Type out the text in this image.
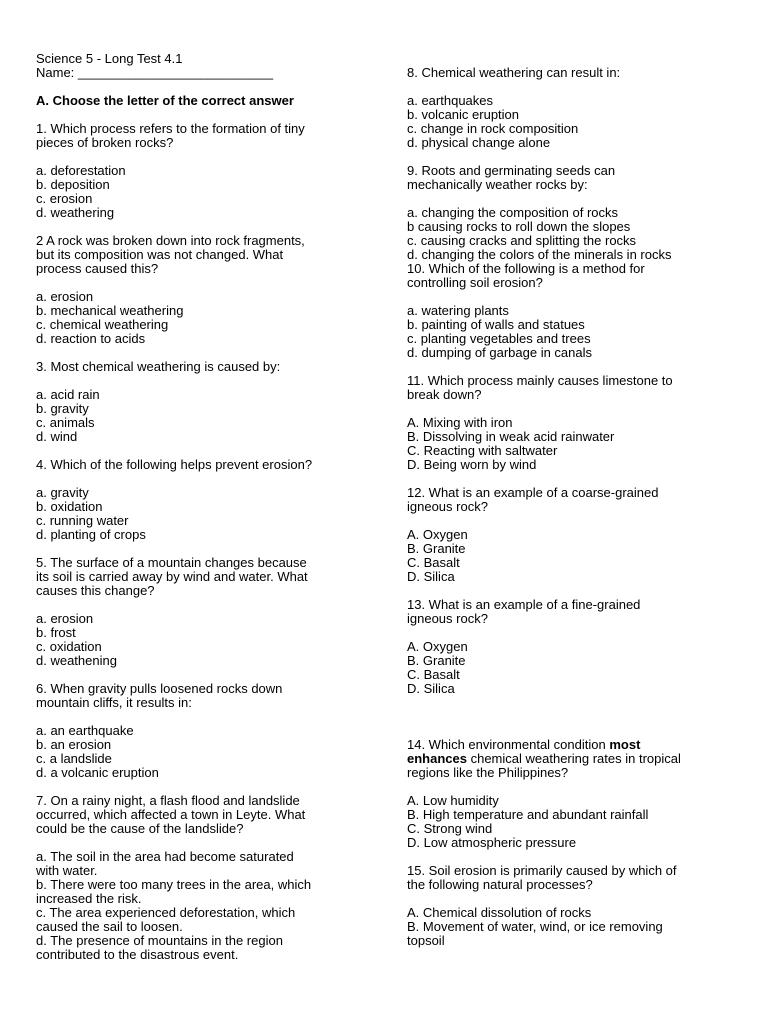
Science 5 - Long Test 4.1
Name: ___________________________
A. Choose the letter of the correct answer
1. Which process refers to the formation of tiny
pieces of broken rocks?
a. deforestation
b. deposition
c. erosion
d. weathering
2 A rock was broken down into rock fragments,
but its composition was not changed. What
process caused this?
a. erosion
b. mechanical weathering
c. chemical weathering
d. reaction to acids
3. Most chemical weathering is caused by:
a. acid rain
b. gravity
c. animals
d. wind
4. Which of the following helps prevent erosion?
a. gravity
b. oxidation
c. running water
d. planting of crops
5. The surface of a mountain changes because
its soil is carried away by wind and water. What
causes this change?
a. erosion
b. frost
c. oxidation
d. weathening
6. When gravity pulls loosened rocks down
mountain cliffs, it results in:
a. an earthquake
b. an erosion
c. a landslide
d. a volcanic eruption
7. On a rainy night, a flash flood and landslide
occurred, which affected a town in Leyte. What
could be the cause of the landslide?
a. The soil in the area had become saturated
with water.
b. There were too many trees in the area, which
increased the risk.
c. The area experienced deforestation, which
caused the sail to loosen.
d. The presence of mountains in the region
contributed to the disastrous event.
8. Chemical weathering can result in:
a. earthquakes
b. volcanic eruption
c. change in rock composition
d. physical change alone
9. Roots and germinating seeds can
mechanically weather rocks by:
a. changing the composition of rocks
b causing rocks to roll down the slopes
c. causing cracks and splitting the rocks
d. changing the colors of the minerals in rocks
10. Which of the following is a method for
controlling soil erosion?
a. watering plants
b. painting of walls and statues
c. planting vegetables and trees
d. dumping of garbage in canals
11. Which process mainly causes limestone to
break down?
A. Mixing with iron
B. Dissolving in weak acid rainwater
C. Reacting with saltwater
D. Being worn by wind
12. What is an example of a coarse-grained
igneous rock?
A. Oxygen
B. Granite
C. Basalt
D. Silica
13. What is an example of a fine-grained
igneous rock?
A. Oxygen
B. Granite
C. Basalt
D. Silica
14. Which environmental condition most
enhances chemical weathering rates in tropical
regions like the Philippines?
A. Low humidity
B. High temperature and abundant rainfall
C. Strong wind
D. Low atmospheric pressure
15. Soil erosion is primarily caused by which of
the following natural processes?
A. Chemical dissolution of rocks
B. Movement of water, wind, or ice removing
topsoil
